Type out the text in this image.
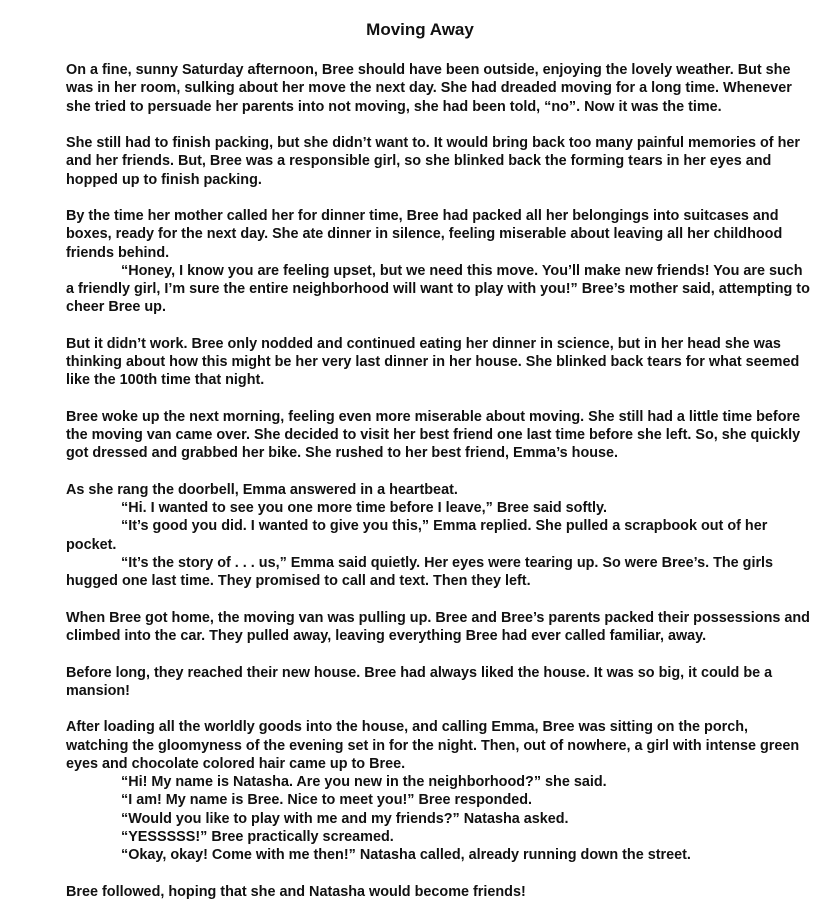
Moving Away

On a fine, sunny Saturday afternoon, Bree should have been outside, enjoying the lovely weather. But she

was in her room, sulking about her move the next day. She had dreaded moving for a long time. Whenever

she tried to persuade her parents into not moving, she had been told, “no”. Now it was the time.

She still had to finish packing, but she didn’t want to. It would bring back too many painful memories of her

and her friends. But, Bree was a responsible girl, so she blinked back the forming tears in her eyes and

hopped up to finish packing.

By the time her mother called her for dinner time, Bree had packed all her belongings into suitcases and

boxes, ready for the next day. She ate dinner in silence, feeling miserable about leaving all her childhood

friends behind.

“Honey, I know you are feeling upset, but we need this move. You’ll make new friends! You are such

a friendly girl, I’m sure the entire neighborhood will want to play with you!” Bree’s mother said, attempting to

cheer Bree up.

But it didn’t work. Bree only nodded and continued eating her dinner in science, but in her head she was

thinking about how this might be her very last dinner in her house. She blinked back tears for what seemed

like the 100th time that night.

Bree woke up the next morning, feeling even more miserable about moving. She still had a little time before

the moving van came over. She decided to visit her best friend one last time before she left. So, she quickly

got dressed and grabbed her bike. She rushed to her best friend, Emma’s house.

As she rang the doorbell, Emma answered in a heartbeat.

“Hi. I wanted to see you one more time before I leave,” Bree said softly.

“It’s good you did. I wanted to give you this,” Emma replied. She pulled a scrapbook out of her

pocket.

“It’s the story of . . . us,” Emma said quietly. Her eyes were tearing up. So were Bree’s. The girls

hugged one last time. They promised to call and text. Then they left.

When Bree got home, the moving van was pulling up. Bree and Bree’s parents packed their possessions and

climbed into the car. They pulled away, leaving everything Bree had ever called familiar, away.

Before long, they reached their new house. Bree had always liked the house. It was so big, it could be a

mansion!

After loading all the worldly goods into the house, and calling Emma, Bree was sitting on the porch,

watching the gloomyness of the evening set in for the night. Then, out of nowhere, a girl with intense green

eyes and chocolate colored hair came up to Bree.

“Hi! My name is Natasha. Are you new in the neighborhood?” she said.

“I am! My name is Bree. Nice to meet you!” Bree responded.

“Would you like to play with me and my friends?” Natasha asked.

“YESSSSS!” Bree practically screamed.

“Okay, okay! Come with me then!” Natasha called, already running down the street.

Bree followed, hoping that she and Natasha would become friends!
